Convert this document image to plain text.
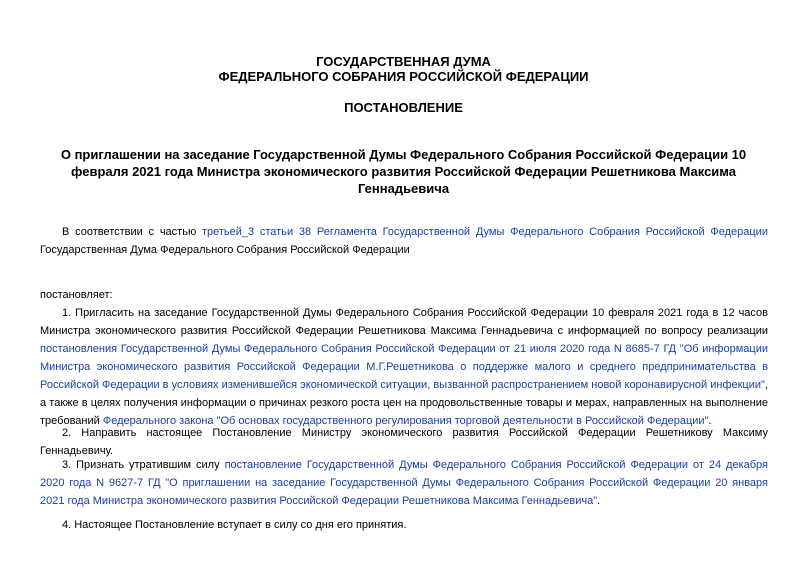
ГОСУДАРСТВЕННАЯ ДУМА
ФЕДЕРАЛЬНОГО СОБРАНИЯ РОССИЙСКОЙ ФЕДЕРАЦИИ
ПОСТАНОВЛЕНИЕ
О приглашении на заседание Государственной Думы Федерального Собрания Российской Федерации 10 февраля 2021 года Министра экономического развития Российской Федерации Решетникова Максима Геннадьевича
В соответствии с частью третьей_3 статьи 38 Регламента Государственной Думы Федерального Собрания Российской Федерации Государственная Дума Федерального Собрания Российской Федерации
постановляет:
1. Пригласить на заседание Государственной Думы Федерального Собрания Российской Федерации 10 февраля 2021 года в 12 часов Министра экономического развития Российской Федерации Решетникова Максима Геннадьевича с информацией по вопросу реализации постановления Государственной Думы Федерального Собрания Российской Федерации от 21 июля 2020 года N 8685-7 ГД "Об информации Министра экономического развития Российской Федерации М.Г.Решетникова о поддержке малого и среднего предпринимательства в Российской Федерации в условиях изменившейся экономической ситуации, вызванной распространением новой коронавирусной инфекции", а также в целях получения информации о причинах резкого роста цен на продовольственные товары и мерах, направленных на выполнение требований Федерального закона "Об основах государственного регулирования торговой деятельности в Российской Федерации".
2. Направить настоящее Постановление Министру экономического развития Российской Федерации Решетникову Максиму Геннадьевичу.
3. Признать утратившим силу постановление Государственной Думы Федерального Собрания Российской Федерации от 24 декабря 2020 года N 9627-7 ГД "О приглашении на заседание Государственной Думы Федерального Собрания Российской Федерации 20 января 2021 года Министра экономического развития Российской Федерации Решетникова Максима Геннадьевича".
4. Настоящее Постановление вступает в силу со дня его принятия.
